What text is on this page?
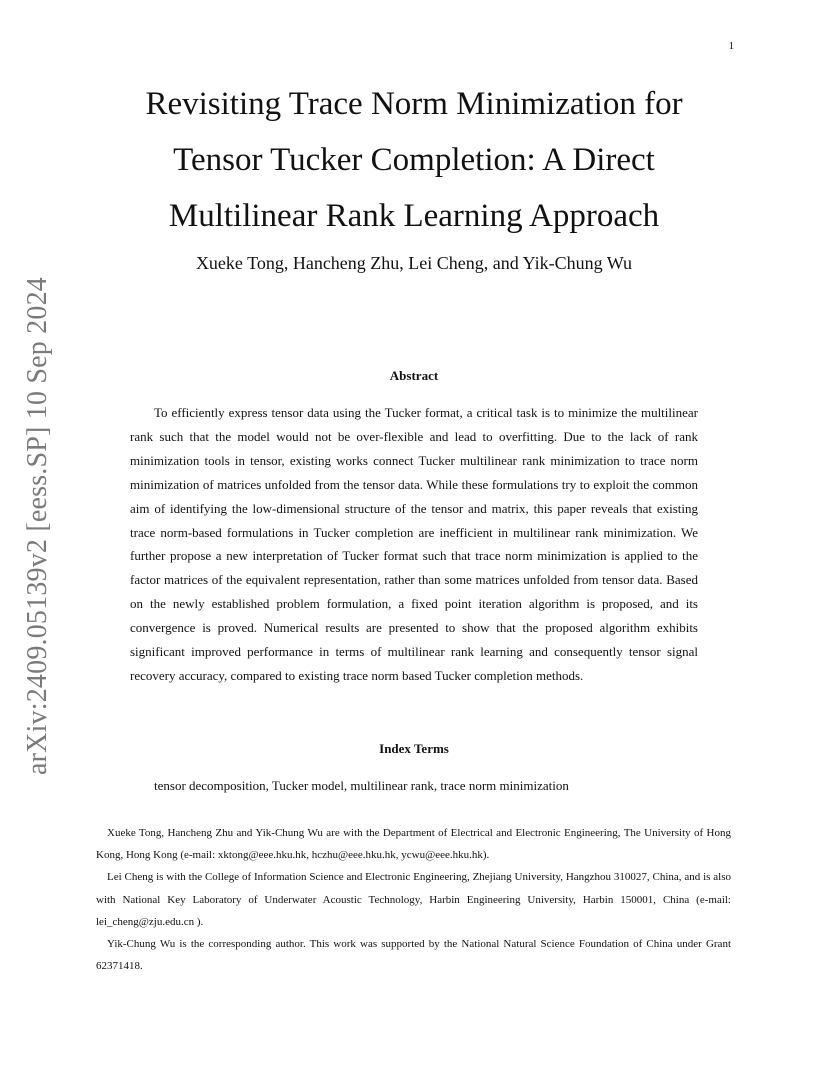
1
arXiv:2409.05139v2 [eess.SP] 10 Sep 2024
Revisiting Trace Norm Minimization for
Tensor Tucker Completion: A Direct
Multilinear Rank Learning Approach
Xueke Tong, Hancheng Zhu, Lei Cheng, and Yik-Chung Wu
Abstract

To efficiently express tensor data using the Tucker format, a critical task is to minimize the multilinear rank such that the model would not be over-flexible and lead to overfitting. Due to the lack of rank minimization tools in tensor, existing works connect Tucker multilinear rank minimization to trace norm minimization of matrices unfolded from the tensor data. While these formulations try to exploit the common aim of identifying the low-dimensional structure of the tensor and matrix, this paper reveals that existing trace norm-based formulations in Tucker completion are inefficient in multilinear rank minimization. We further propose a new interpretation of Tucker format such that trace norm minimization is applied to the factor matrices of the equivalent representation, rather than some matrices unfolded from tensor data. Based on the newly established problem formulation, a fixed point iteration algorithm is proposed, and its convergence is proved. Numerical results are presented to show that the proposed algorithm exhibits significant improved performance in terms of multilinear rank learning and consequently tensor signal recovery accuracy, compared to existing trace norm based Tucker completion methods.

Index Terms

tensor decomposition, Tucker model, multilinear rank, trace norm minimization

Xueke Tong, Hancheng Zhu and Yik-Chung Wu are with the Department of Electrical and Electronic Engineering, The University of Hong Kong, Hong Kong (e-mail: xktong@eee.hku.hk, hczhu@eee.hku.hk, ycwu@eee.hku.hk).

Lei Cheng is with the College of Information Science and Electronic Engineering, Zhejiang University, Hangzhou 310027, China, and is also with National Key Laboratory of Underwater Acoustic Technology, Harbin Engineering University, Harbin 150001, China (e-mail: lei_cheng@zju.edu.cn ).

Yik-Chung Wu is the corresponding author. This work was supported by the National Natural Science Foundation of China under Grant 62371418.
